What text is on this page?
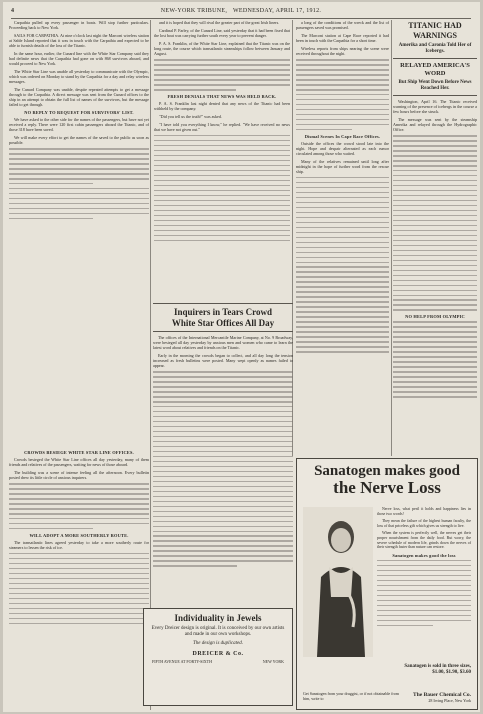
4	NEW-YORK TRIBUNE, WEDNESDAY, APRIL 17, 1912.

Carpathia pulled up every passenger in boats. Will stop further particulars. Proceeding back to New York.

SAILS FOR CARPATHIA. At nine o'clock last night the Marconi wireless station at Sable Island reported that it was in touch with the Carpathia and expected to be able to furnish details of the loss of the Titanic.

In the same hour, earlier, the Cunard line with the White Star Company said they had definite news that the Carpathia had gone on with 868 survivors aboard, and would proceed to New York.

The White Star Line was unable all yesterday to communicate with the Olympic, which was ordered on Monday to stand by the Carpathia for a day and relay wireless messages.

The Cunard Company was unable, despite repeated attempts to get a message through to the Carpathia. A direct message was sent from the Cunard offices to the ship in an attempt to obtain the full list of names of the survivors, but the message failed to get through.

NO REPLY TO REQUEST FOR SURVIVORS' LIST.

We have asked to the other side for the names of the passengers, but have not yet received a reply. There were 120 first cabin passengers aboard the Titanic, and of those 318 have been saved.

We will make every effort to get the names of the saved to the public as soon as possible.

CROWDS BESIEGE WHITE STAR LINE OFFICES.

Crowds besieged the White Star Line offices all day yesterday, many of them friends and relatives of the passengers, waiting for news of those aboard.

The building was a scene of intense feeling all the afternoon. Every bulletin posted drew its little circle of anxious inquirers.

WILL ADOPT A MORE SOUTHERLY ROUTE.

The transatlantic lines agreed yesterday to take a more southerly route for steamers to lessen the risk of ice.

and it is hoped that they will rival the greater part of the great Irish liners.

Cardinal P. Farley, of the Cunard Line, said yesterday that it had been fixed that the lost boat was carrying further south every year to prevent danger.

P. A. S. Franklin, of the White Star Line, explained that the Titanic was on the long route, the course which transatlantic steamships follow between January and August.

FRESH DENIALS THAT NEWS WAS HELD BACK.

P. A. S. Franklin last night denied that any news of the Titanic had been withheld by the company.

"Did you tell us the truth?" was asked.

"I have told you everything I know," he replied. "We have received no news that we have not given out."

Inquirers in Tears Crowd
White Star Offices All Day

The offices of the International Mercantile Marine Company, at No. 9 Broadway, were besieged all day yesterday by anxious men and women who came to learn the latest word about relatives and friends on the Titanic.

Early in the morning the crowds began to collect, and all day long the tension increased as fresh bulletins were posted. Many wept openly as names failed to appear.

a long of the conditions of the wreck and the list of passengers saved was promised.

The Marconi station at Cape Race reported it had been in touch with the Carpathia for a short time.

Wireless reports from ships nearing the scene were received throughout the night.

Dismal Scenes In Cape Race Offices.

Outside the offices the crowd stood late into the night. Hope and despair alternated as each rumor circulated among those who waited.

Many of the relatives remained until long after midnight in the hope of further word from the rescue ship.

TITANIC HAD WARNINGS
Amerika and Caronia Told Her of Icebergs.
RELAYED AMERICA'S WORD
But Ship Went Down Before News Reached Her.

Washington, April 16. The Titanic received warning of the presence of icebergs in the course a few hours before she struck.

The message was sent by the steamship Amerika and relayed through the Hydrographic Office.

NO HELP FROM OLYMPIC
Individuality in Jewels
Every Dreicer design is original. It is conceived by our own artists and made in our own workshops.
The design is duplicated.
DREICER & Co.
FIFTH AVENUE AT FORTY-SIXTH	NEW YORK
Sanatogen makes good
the Nerve Loss

Nerve loss, what peril it holds and happiness lies in those two words!

They mean the failure of the highest human faculty, the loss of that priceless gift which gives us strength to live.

When the system is perfectly well, the nerves get their proper nourishment from the daily food. But worry, the severe schedule of modern life, grinds down the nerves of their strength faster than nature can restore.

Sanatogen makes good the loss
Sanatogen is sold in three sizes, $1.00, $1.90, $3.60
Get Sanatogen from your druggist, or if not obtainable from him, write to
The Bauer Chemical Co.
28 Irving Place, New York
